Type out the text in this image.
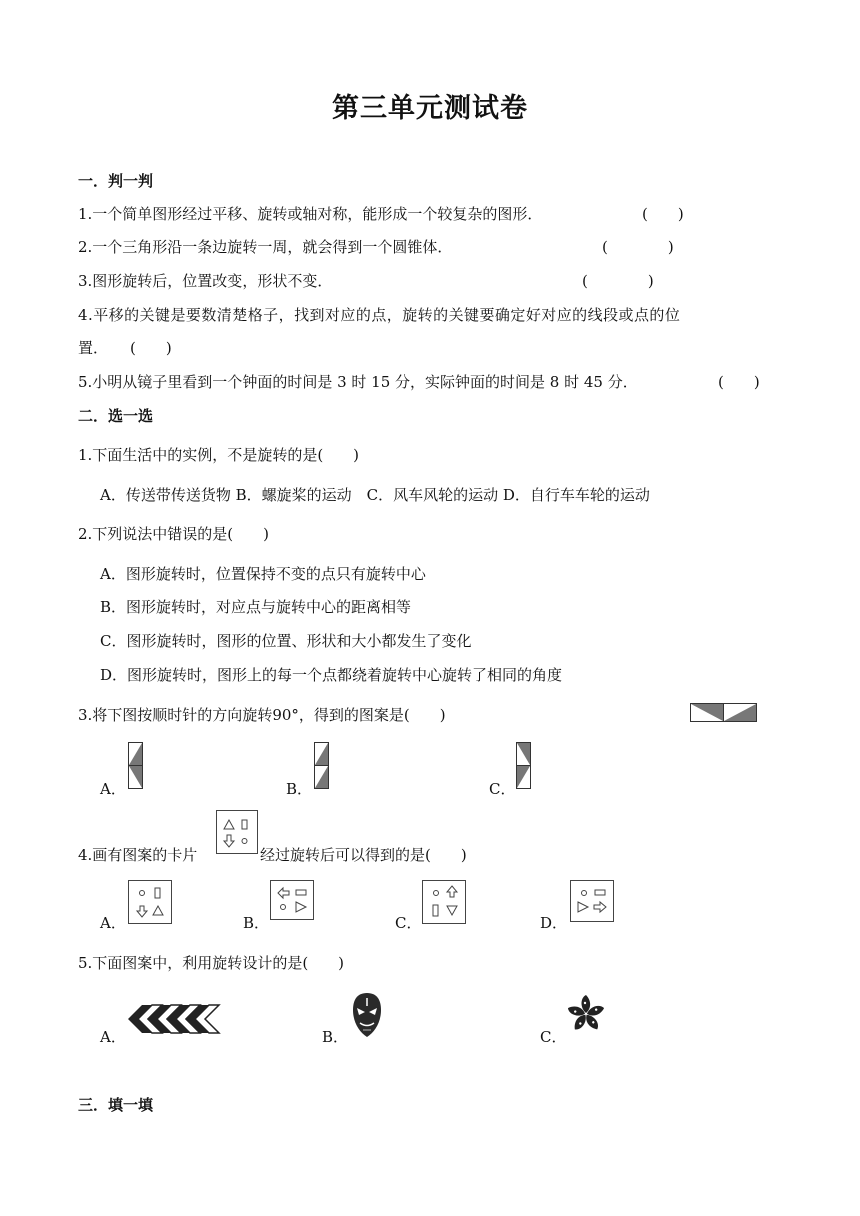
第三单元测试卷
一．判一判
1.一个简单图形经过平移、旋转或轴对称，能形成一个较复杂的图形．	(　　)
2.一个三角形沿一条边旋转一周，就会得到一个圆锥体．	(　　　　)
3.图形旋转后，位置改变，形状不变．	(　　　　)
4.平移的关键是要数清楚格子，找到对应的点，旋转的关键要确定好对应的线段或点的位
置． (　　)
5.小明从镜子里看到一个钟面的时间是 3 时 15 分，实际钟面的时间是 8 时 45 分．	(　　)
二．选一选
1.下面生活中的实例，不是旋转的是(　　)
A．传送带传送货物 B．螺旋桨的运动　C．风车风轮的运动 D．自行车车轮的运动
2.下列说法中错误的是(　　)
A．图形旋转时，位置保持不变的点只有旋转中心
B．图形旋转时，对应点与旋转中心的距离相等
C．图形旋转时，图形的位置、形状和大小都发生了变化
D．图形旋转时，图形上的每一个点都绕着旋转中心旋转了相同的角度
3.将下图按顺时针的方向旋转90°，得到的图案是(　　)
A．	B．	C．
4.画有图案的卡片	经过旋转后可以得到的是(　　)
A．	B．	C．	D．
5.下面图案中，利用旋转设计的是(　　)
A．	B．	C．
三．填一填
